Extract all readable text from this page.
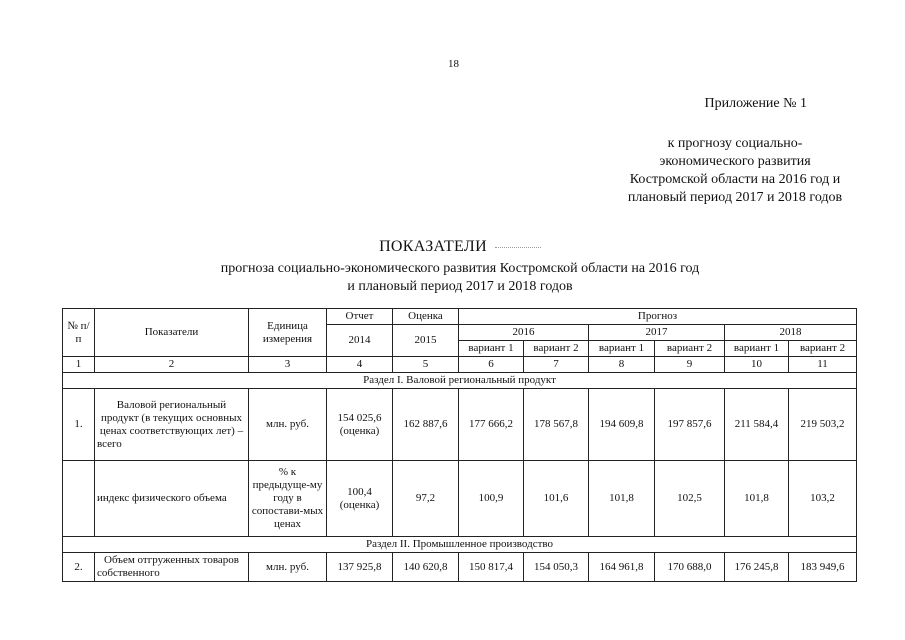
18
Приложение № 1
к прогнозу социально-
экономического развития
Костромской области на 2016 год и
плановый период 2017 и 2018 годов
ПОКАЗАТЕЛИ
прогноза социально-экономического развития Костромской области на 2016 год
и плановый период 2017 и 2018 годов
№ п/п	Показатели	Единица измерения	Отчет	Оценка	Прогноз					
			2014	2015	2016		2017		2018	
					вариант 1	вариант 2	вариант 1	вариант 2	вариант 1	вариант 2
1	2	3	4	5	6	7	8	9	10	11
Раздел I. Валовой региональный продукт										
1.	Валовой региональный продукт (в текущих основных ценах соответствующих лет) – всего	млн. руб.	154 025,6 (оценка)	162 887,6	177 666,2	178 567,8	194 609,8	197 857,6	211 584,4	219 503,2
	индекс физического объема	% к предыдуще-му году в сопостави-мых ценах	100,4 (оценка)	97,2	100,9	101,6	101,8	102,5	101,8	103,2
Раздел II. Промышленное производство										
2.	Объем отгруженных товаров собственного	млн. руб.	137 925,8	140 620,8	150 817,4	154 050,3	164 961,8	170 688,0	176 245,8	183 949,6
